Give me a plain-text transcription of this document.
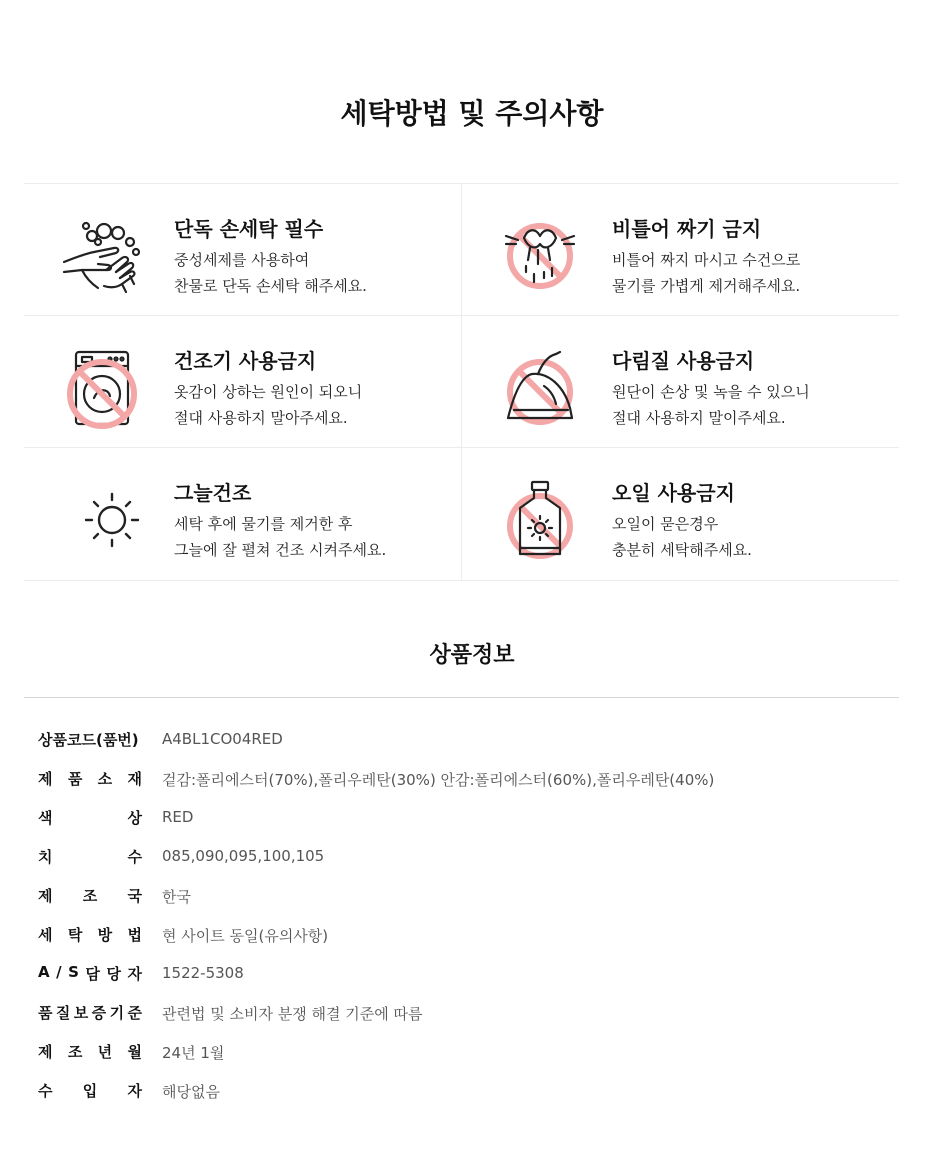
세탁방법 및 주의사항
단독 손세탁 필수
중성세제를 사용하여
찬물로 단독 손세탁 해주세요.
비틀어 짜기 금지
비틀어 짜지 마시고 수건으로
물기를 가볍게 제거해주세요.
건조기 사용금지
옷감이 상하는 원인이 되오니
절대 사용하지 말아주세요.
다림질 사용금지
원단이 손상 및 녹을 수 있으니
절대 사용하지 말이주세요.
그늘건조
세탁 후에 물기를 제거한 후
그늘에 잘 펼쳐 건조 시켜주세요.
오일 사용금지
오일이 묻은경우
충분히 세탁해주세요.
상품정보
상품코드(품번) A4BL1CO04RED
제 품 소 재 겉감:폴리에스터(70%),폴리우레탄(30%) 안감:폴리에스터(60%),폴리우레탄(40%)
색	상 RED
치	수 085,090,095,100,105
제 조 국 한국
세 탁 방 법 현 사이트 동일(유의사항)
A / S 담 당 자 1522-5308
품 질 보 증 기 준 관련법 및 소비자 분쟁 해결 기준에 따름
제 조 년 월 24년 1월
수 입 자 해당없음
